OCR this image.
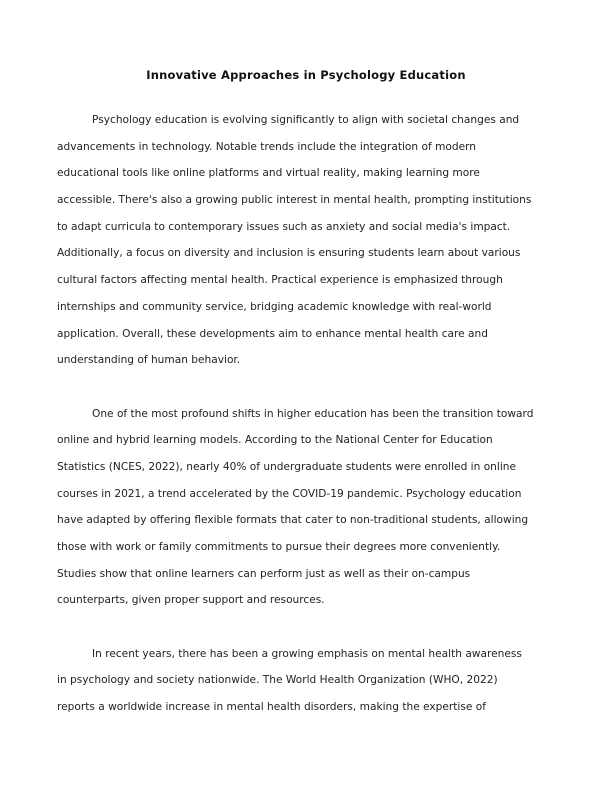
Innovative Approaches in Psychology Education
Psychology education is evolving significantly to align with societal changes and
advancements in technology. Notable trends include the integration of modern
educational tools like online platforms and virtual reality, making learning more
accessible. There's also a growing public interest in mental health, prompting institutions
to adapt curricula to contemporary issues such as anxiety and social media's impact.
Additionally, a focus on diversity and inclusion is ensuring students learn about various
cultural factors affecting mental health. Practical experience is emphasized through
internships and community service, bridging academic knowledge with real-world
application. Overall, these developments aim to enhance mental health care and
understanding of human behavior.
One of the most profound shifts in higher education has been the transition toward
online and hybrid learning models. According to the National Center for Education
Statistics (NCES, 2022), nearly 40% of undergraduate students were enrolled in online
courses in 2021, a trend accelerated by the COVID-19 pandemic. Psychology education
have adapted by offering flexible formats that cater to non-traditional students, allowing
those with work or family commitments to pursue their degrees more conveniently.
Studies show that online learners can perform just as well as their on-campus
counterparts, given proper support and resources.
In recent years, there has been a growing emphasis on mental health awareness
in psychology and society nationwide. The World Health Organization (WHO, 2022)
reports a worldwide increase in mental health disorders, making the expertise of
